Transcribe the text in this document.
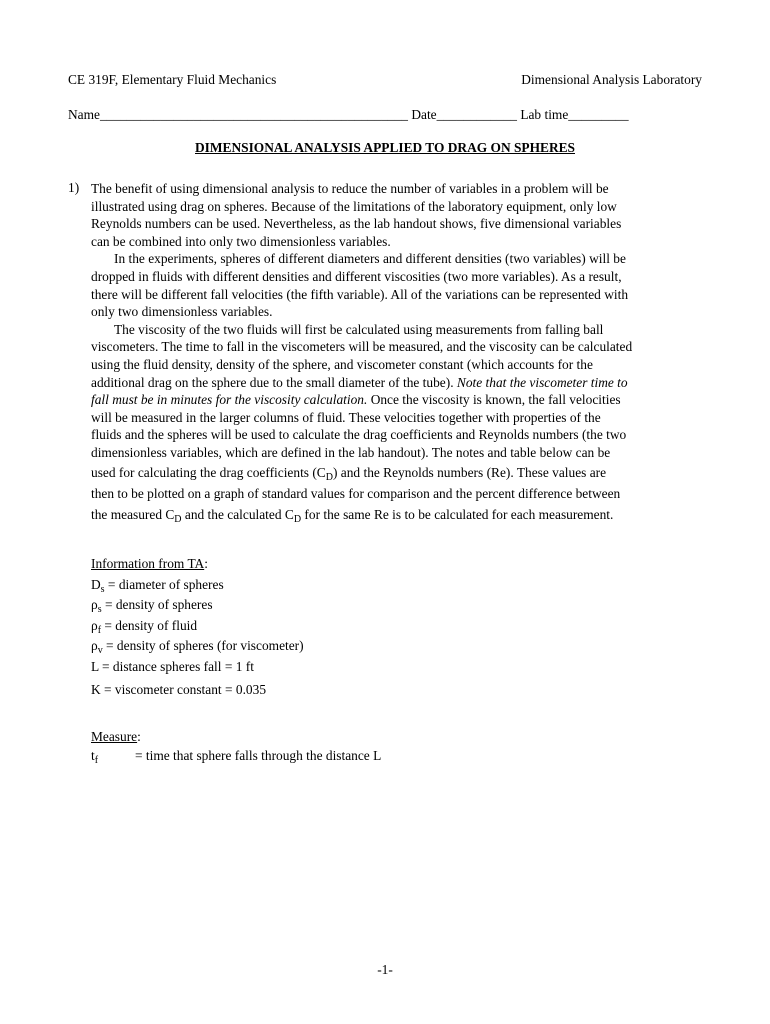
CE 319F, Elementary Fluid Mechanics	Dimensional Analysis Laboratory
Name______________________________________________ Date____________ Lab time_________
DIMENSIONAL ANALYSIS APPLIED TO DRAG ON SPHERES
1) The benefit of using dimensional analysis to reduce the number of variables in a problem will be
illustrated using drag on spheres. Because of the limitations of the laboratory equipment, only low
Reynolds numbers can be used. Nevertheless, as the lab handout shows, five dimensional variables
can be combined into only two dimensionless variables.
In the experiments, spheres of different diameters and different densities (two variables) will be
dropped in fluids with different densities and different viscosities (two more variables). As a result,
there will be different fall velocities (the fifth variable). All of the variations can be represented with
only two dimensionless variables.
The viscosity of the two fluids will first be calculated using measurements from falling ball
viscometers. The time to fall in the viscometers will be measured, and the viscosity can be calculated
using the fluid density, density of the sphere, and viscometer constant (which accounts for the
additional drag on the sphere due to the small diameter of the tube). Note that the viscometer time to
fall must be in minutes for the viscosity calculation. Once the viscosity is known, the fall velocities
will be measured in the larger columns of fluid. These velocities together with properties of the
fluids and the spheres will be used to calculate the drag coefficients and Reynolds numbers (the two
dimensionless variables, which are defined in the lab handout). The notes and table below can be
used for calculating the drag coefficients $(C_D)$ and the Reynolds numbers (Re). These values are
then to be plotted on a graph of standard values for comparison and the percent difference between
the measured $C_D$ and the calculated $C_D$ for the same Re is to be calculated for each measurement.
Information from TA:
$D_s$ = diameter of spheres
$\rho_s$ = density of spheres
$\rho_f$ = density of fluid
$\rho_v$ = density of spheres (for viscometer)
L = distance spheres fall = 1 ft
K = viscometer constant = 0.035
Measure:
$t_f$	= time that sphere falls through the distance L
-1-
